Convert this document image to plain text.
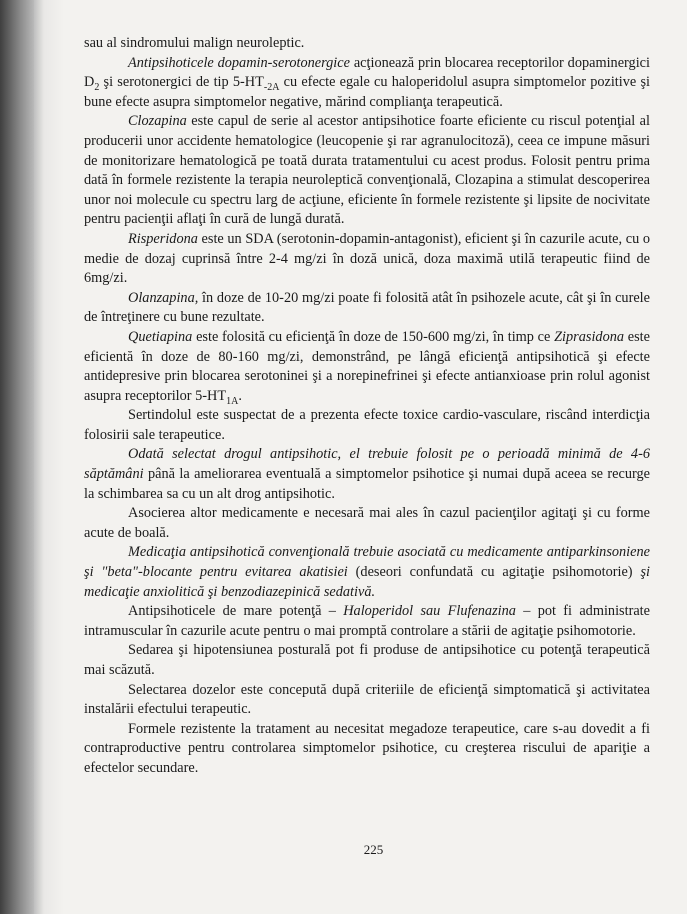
sau al sindromului malign neuroleptic.

Antipsihoticele dopamin-serotonergice acţionează prin blocarea receptorilor dopaminergici $D_2$ şi serotonergici de tip $5-HT_{-2A}$ cu efecte egale cu haloperidolul asupra simptomelor pozitive şi bune efecte asupra simptomelor negative, mărind complianţa terapeutică.

Clozapina este capul de serie al acestor antipsihotice foarte eficiente cu riscul potenţial al producerii unor accidente hematologice (leucopenie şi rar agranulocitoză), ceea ce impune măsuri de monitorizare hematologică pe toată durata tratamentului cu acest produs. Folosit pentru prima dată în formele rezistente la terapia neuroleptică convenţională, Clozapina a stimulat descoperirea unor noi molecule cu spectru larg de acţiune, eficiente în formele rezistente şi lipsite de nocivitate pentru pacienţii aflaţi în cură de lungă durată.

Risperidona este un SDA (serotonin-dopamin-antagonist), eficient şi în cazurile acute, cu o medie de dozaj cuprinsă între 2-4 mg/zi în doză unică, doza maximă utilă terapeutic fiind de 6mg/zi.

Olanzapina, în doze de 10-20 mg/zi poate fi folosită atât în psihozele acute, cât şi în curele de întreţinere cu bune rezultate.

Quetiapina este folosită cu eficienţă în doze de 150-600 mg/zi, în timp ce Ziprasidona este eficientă în doze de 80-160 mg/zi, demonstrând, pe lângă eficienţă antipsihotică şi efecte antidepresive prin blocarea serotoninei şi a norepinefrinei şi efecte antianxioase prin rolul agonist asupra receptorilor $5-HT_{1A}$.

Sertindolul este suspectat de a prezenta efecte toxice cardio-vasculare, riscând interdicţia folosirii sale terapeutice.

Odată selectat drogul antipsihotic, el trebuie folosit pe o perioadă minimă de 4-6 săptămâni până la ameliorarea eventuală a simptomelor psihotice şi numai după aceea se recurge la schimbarea sa cu un alt drog antipsihotic.

Asocierea altor medicamente e necesară mai ales în cazul pacienţilor agitaţi şi cu forme acute de boală.

Medicaţia antipsihotică convenţională trebuie asociată cu medicamente antiparkinsoniene şi "beta"-blocante pentru evitarea akatisiei (deseori confundată cu agitaţie psihomotorie) şi medicaţie anxiolitică şi benzodiazepinică sedativă.

Antipsihoticele de mare potenţă – Haloperidol sau Flufenazina – pot fi administrate intramuscular în cazurile acute pentru o mai promptă controlare a stării de agitaţie psihomotorie.

Sedarea şi hipotensiunea posturală pot fi produse de antipsihotice cu potenţă terapeutică mai scăzută.

Selectarea dozelor este concepută după criteriile de eficienţă simptomatică şi activitatea instalării efectului terapeutic.

Formele rezistente la tratament au necesitat megadoze terapeutice, care s-au dovedit a fi contraproductive pentru controlarea simptomelor psihotice, cu creşterea riscului de apariţie a efectelor secundare.

225
